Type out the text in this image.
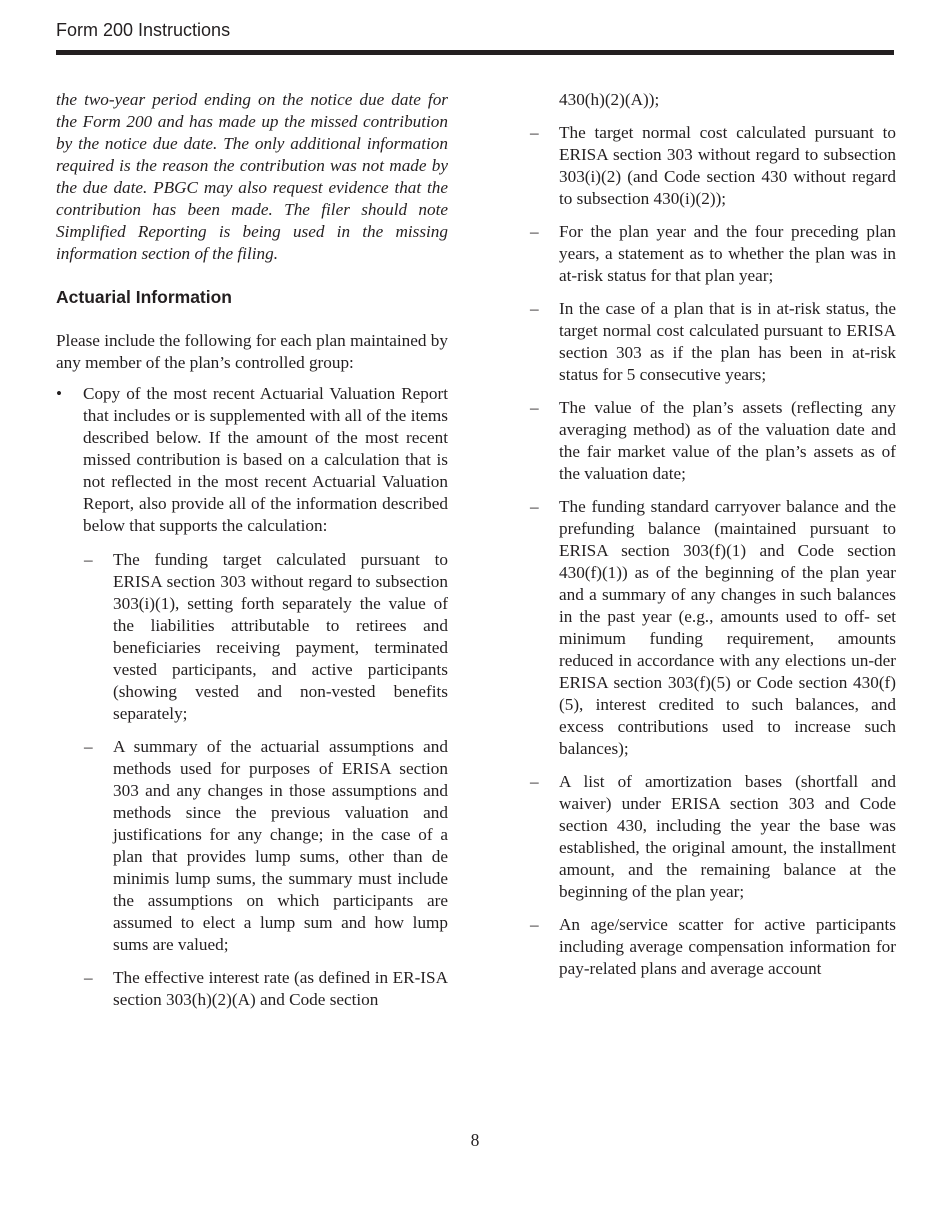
Form 200 Instructions

the two-year period ending on the notice due date for the Form 200 and has made up the missed contribution by the notice due date. The only additional information required is the reason the contribution was not made by the due date. PBGC may also request evidence that the contribution has been made. The filer should note Simplified Reporting is being used in the missing information section of the filing.

Actuarial Information

Please include the following for each plan maintained by any member of the plan’s controlled group:

• Copy of the most recent Actuarial Valuation Report that includes or is supplemented with all of the items described below. If the amount of the most recent missed contribution is based on a calculation that is not reflected in the most recent Actuarial Valuation Report, also provide all of the information described below that supports the calculation:
– The funding target calculated pursuant to ERISA section 303 without regard to subsection 303(i)(1), setting forth separately the value of the liabilities attributable to retirees and beneficiaries receiving payment, terminated vested participants, and active participants (showing vested and non-vested benefits separately;
– A summary of the actuarial assumptions and methods used for purposes of ERISA section 303 and any changes in those assumptions and methods since the previous valuation and justifications for any change; in the case of a plan that provides lump sums, other than de minimis lump sums, the summary must include the assumptions on which participants are assumed to elect a lump sum and how lump sums are valued;
– The effective interest rate (as defined in ER-ISA section 303(h)(2)(A) and Code section

430(h)(2)(A));

– The target normal cost calculated pursuant to ERISA section 303 without regard to subsection 303(i)(2) (and Code section 430 without regard to subsection 430(i)(2));
– For the plan year and the four preceding plan years, a statement as to whether the plan was in at-risk status for that plan year;
– In the case of a plan that is in at-risk status, the target normal cost calculated pursuant to ERISA section 303 as if the plan has been in at-risk status for 5 consecutive years;
– The value of the plan’s assets (reflecting any averaging method) as of the valuation date and the fair market value of the plan’s assets as of the valuation date;
– The funding standard carryover balance and the prefunding balance (maintained pursuant to ERISA section 303(f)(1) and Code section 430(f)(1)) as of the beginning of the plan year and a summary of any changes in such balances in the past year (e.g., amounts used to off- set minimum funding requirement, amounts reduced in accordance with any elections un-der ERISA section 303(f)(5) or Code section 430(f)(5), interest credited to such balances, and excess contributions used to increase such balances);
– A list of amortization bases (shortfall and waiver) under ERISA section 303 and Code section 430, including the year the base was established, the original amount, the installment amount, and the remaining balance at the beginning of the plan year;
– An age/service scatter for active participants including average compensation information for pay-related plans and average account
8
